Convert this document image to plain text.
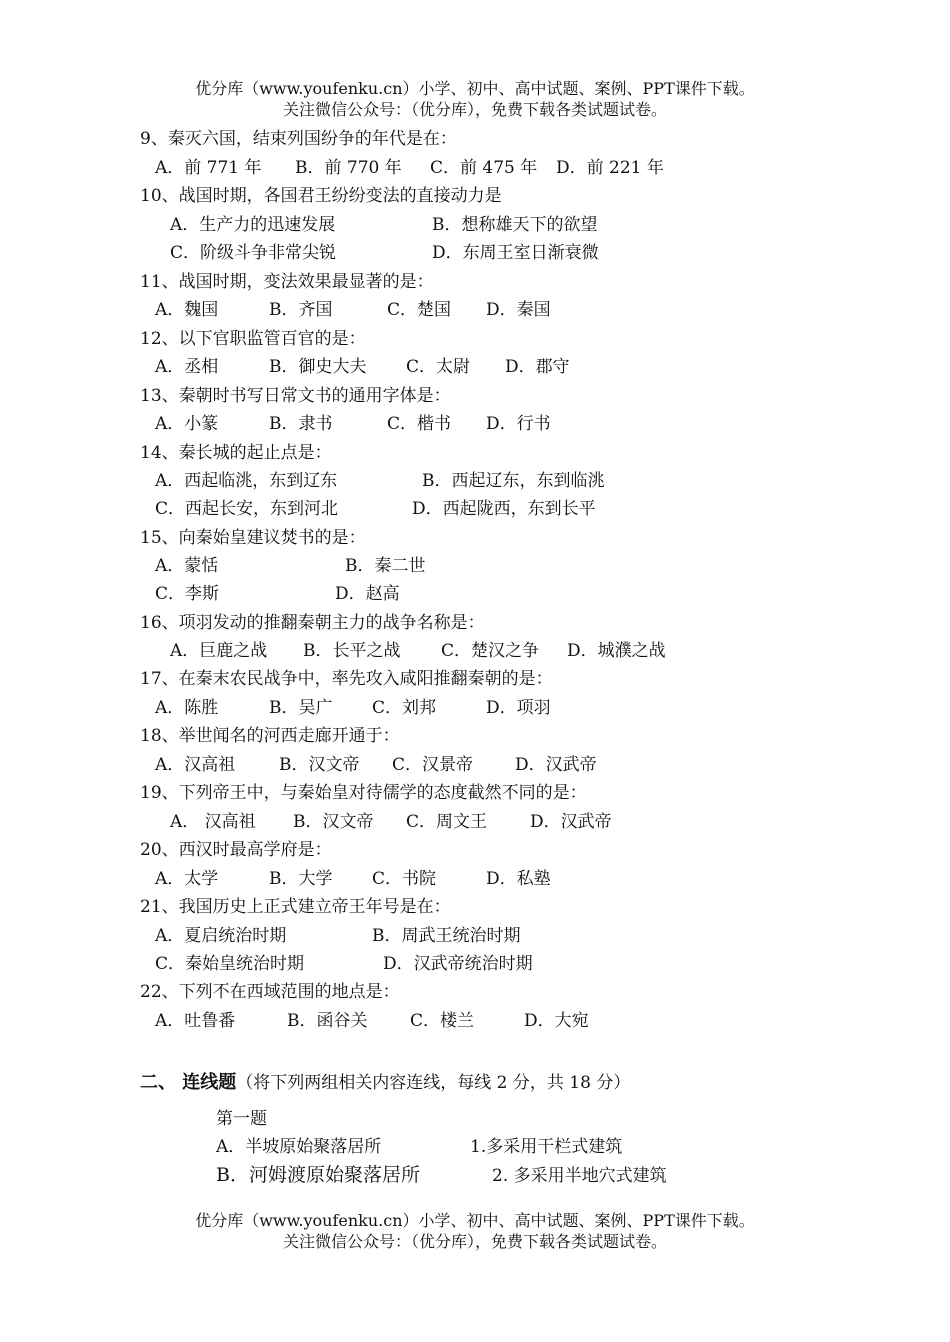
优分库（www.youfenku.cn）小学、初中、高中试题、案例、PPT课件下载。
关注微信公众号：（优分库），免费下载各类试题试卷。
9、秦灭六国，结束列国纷争的年代是在：
A．前 771 年 B．前 770 年 C．前 475 年 D．前 221 年
10、战国时期，各国君王纷纷变法的直接动力是
A．生产力的迅速发展	B．想称雄天下的欲望
C．阶级斗争非常尖锐	D．东周王室日渐衰微
11、战国时期，变法效果最显著的是：
A．魏国	B．齐国	C．楚国 D．秦国
12、以下官职监管百官的是：
A．丞相	B．御史大夫 C．太尉 D．郡守
13、秦朝时书写日常文书的通用字体是：
A．小篆	B．隶书	C．楷书 D．行书
14、秦长城的起止点是：
A．西起临洮，东到辽东	B．西起辽东，东到临洮
C．西起长安，东到河北	D．西起陇西，东到长平
15、向秦始皇建议焚书的是：
A．蒙恬	B．秦二世
C．李斯	D．赵高
16、项羽发动的推翻秦朝主力的战争名称是：
A．巨鹿之战 B．长平之战 C．楚汉之争 D．城濮之战
17、在秦末农民战争中，率先攻入咸阳推翻秦朝的是：
A．陈胜	B．吴广 C．刘邦	D．项羽
18、举世闻名的河西走廊开通于：
A．汉高祖	B．汉文帝 C．汉景帝 D．汉武帝
19、下列帝王中，与秦始皇对待儒学的态度截然不同的是：
A． 汉高祖 B．汉文帝 C．周文王	D．汉武帝
20、西汉时最高学府是：
A．太学	B．大学 C．书院	D．私塾
21、我国历史上正式建立帝王年号是在：
A．夏启统治时期	B．周武王统治时期
C．秦始皇统治时期	D．汉武帝统治时期
22、下列不在西域范围的地点是：
A．吐鲁番	B．函谷关	C．楼兰	D．大宛
二、 连线题（将下列两组相关内容连线，每线 2 分，共 18 分）
第一题
A．半坡原始聚落居所	1.多采用干栏式建筑
B．河姆渡原始聚落居所	2. 多采用半地穴式建筑
优分库（www.youfenku.cn）小学、初中、高中试题、案例、PPT课件下载。
关注微信公众号：（优分库），免费下载各类试题试卷。
